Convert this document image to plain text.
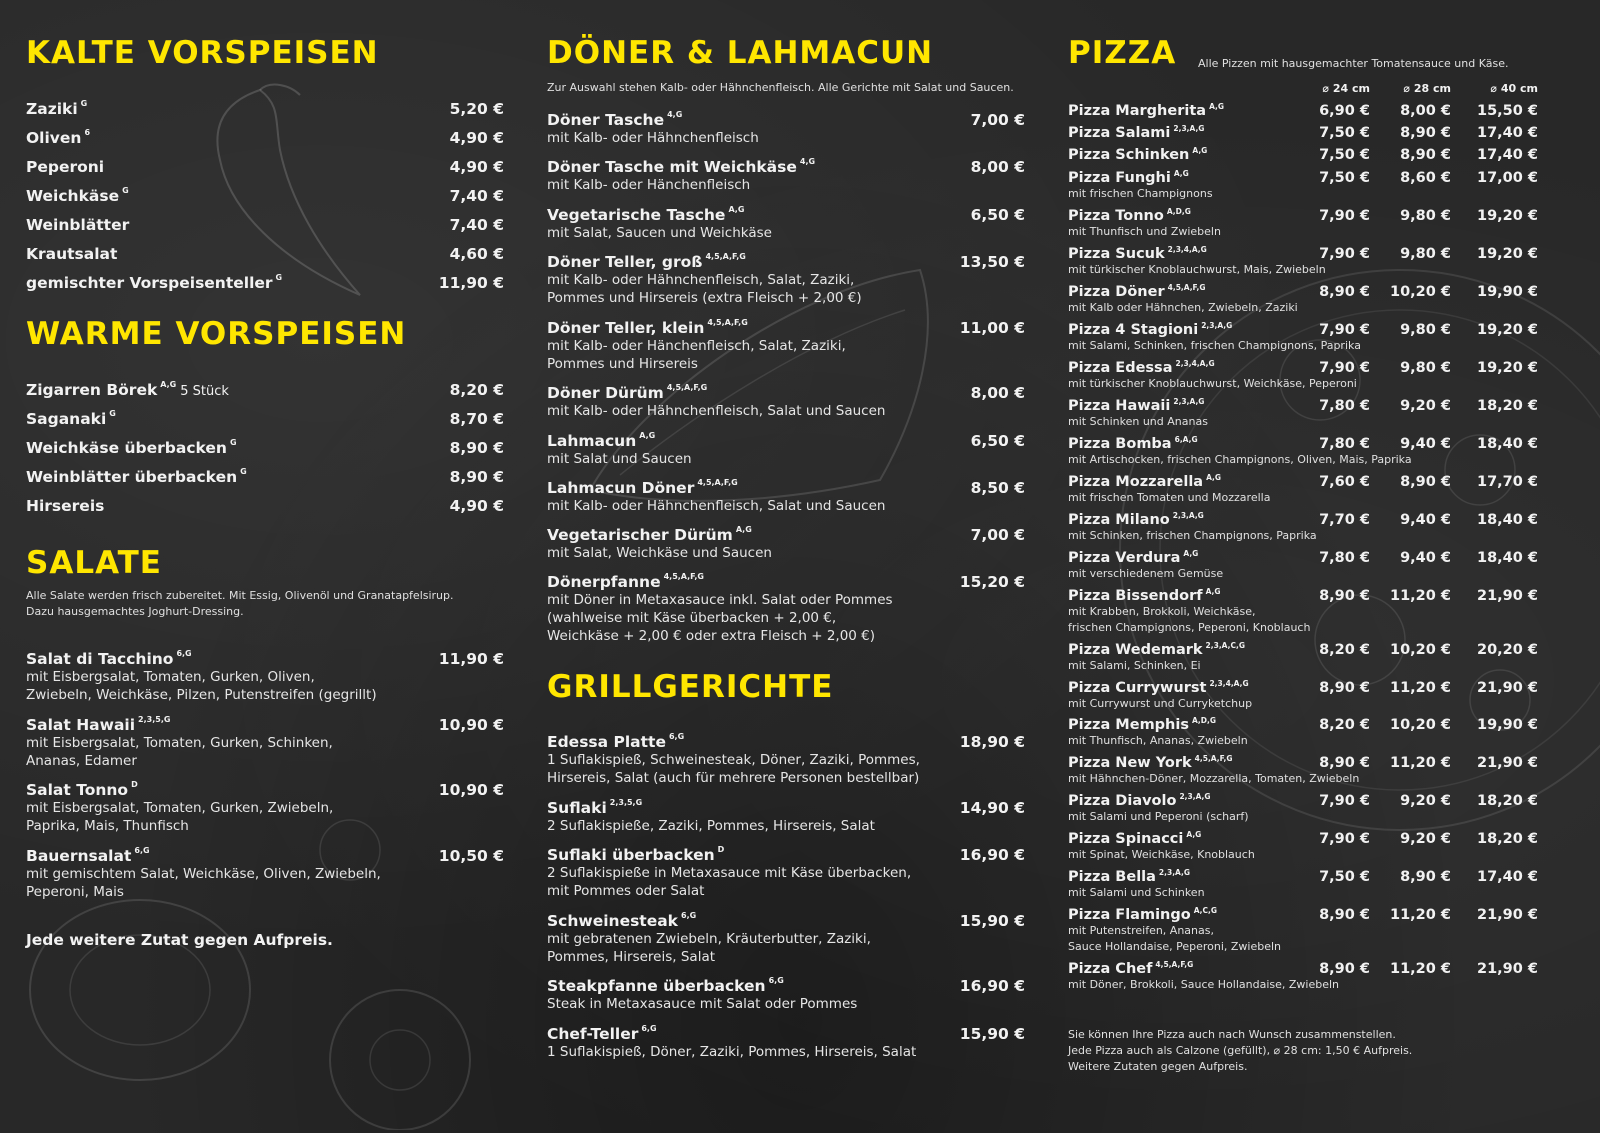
KALTE VORSPEISEN
Zaziki $^G$	5,20 €
Oliven $^6$	4,90 €
Peperoni	4,90 €
Weichkäse $^G$	7,40 €
Weinblätter	7,40 €
Krautsalat	4,60 €
gemischter Vorspeisenteller $^G$	11,90 €
WARME VORSPEISEN
Zigarren Börek $^{A,G}$ 5 Stück	8,20 €
Saganaki $^G$	8,70 €
Weichkäse überbacken $^G$	8,90 €
Weinblätter überbacken $^G$	8,90 €
Hirsereis	4,90 €
SALATE
Alle Salate werden frisch zubereitet. Mit Essig, Olivenöl und Granatapfelsirup.
Dazu hausgemachtes Joghurt-Dressing.
Salat di Tacchino $^{6,G}$	11,90 €
mit Eisbergsalat, Tomaten, Gurken, Oliven,
Zwiebeln, Weichkäse, Pilzen, Putenstreifen (gegrillt)
Salat Hawaii $^{2,3,5,G}$	10,90 €
mit Eisbergsalat, Tomaten, Gurken, Schinken,
Ananas, Edamer
Salat Tonno $^D$	10,90 €
mit Eisbergsalat, Tomaten, Gurken, Zwiebeln,
Paprika, Mais, Thunfisch
Bauernsalat $^{6,G}$	10,50 €
mit gemischtem Salat, Weichkäse, Oliven, Zwiebeln,
Peperoni, Mais
Jede weitere Zutat gegen Aufpreis.
DÖNER & LAHMACUN
Zur Auswahl stehen Kalb- oder Hähnchenfleisch. Alle Gerichte mit Salat und Saucen.
Döner Tasche $^{4,G}$	7,00 €
mit Kalb- oder Hähnchenfleisch
Döner Tasche mit Weichkäse $^{4,G}$	8,00 €
mit Kalb- oder Hänchenfleisch
Vegetarische Tasche $^{A,G}$	6,50 €
mit Salat, Saucen und Weichkäse
Döner Teller, groß $^{4,5,A,F,G}$	13,50 €
mit Kalb- oder Hähnchenfleisch, Salat, Zaziki,
Pommes und Hirsereis (extra Fleisch + 2,00 €)
Döner Teller, klein $^{4,5,A,F,G}$	11,00 €
mit Kalb- oder Hänchenfleisch, Salat, Zaziki,
Pommes und Hirsereis
Döner Dürüm $^{4,5,A,F,G}$	8,00 €
mit Kalb- oder Hähnchenfleisch, Salat und Saucen
Lahmacun $^{A,G}$	6,50 €
mit Salat und Saucen
Lahmacun Döner $^{4,5,A,F,G}$	8,50 €
mit Kalb- oder Hähnchenfleisch, Salat und Saucen
Vegetarischer Dürüm $^{A,G}$	7,00 €
mit Salat, Weichkäse und Saucen
Dönerpfanne $^{4,5,A,F,G}$	15,20 €
mit Döner in Metaxasauce inkl. Salat oder Pommes
(wahlweise mit Käse überbacken + 2,00 €,
Weichkäse + 2,00 € oder extra Fleisch + 2,00 €)
GRILLGERICHTE
Edessa Platte $^{6,G}$	18,90 €
1 Suflakispieß, Schweinesteak, Döner, Zaziki, Pommes,
Hirsereis, Salat (auch für mehrere Personen bestellbar)
Suflaki $^{2,3,5,G}$	14,90 €
2 Suflakispieße, Zaziki, Pommes, Hirsereis, Salat
Suflaki überbacken $^D$	16,90 €
2 Suflakispieße in Metaxasauce mit Käse überbacken,
mit Pommes oder Salat
Schweinesteak $^{6,G}$	15,90 €
mit gebratenen Zwiebeln, Kräuterbutter, Zaziki,
Pommes, Hirsereis, Salat
Steakpfanne überbacken $^{6,G}$	16,90 €
Steak in Metaxasauce mit Salat oder Pommes
Chef-Teller $^{6,G}$	15,90 €
1 Suflakispieß, Döner, Zaziki, Pommes, Hirsereis, Salat
PIZZA Alle Pizzen mit hausgemachter Tomatensauce und Käse.
⌀ 24 cm	⌀ 28 cm	⌀ 40 cm
Pizza Margherita $^{A,G}$	6,90 €	8,00 €	15,50 €
Pizza Salami $^{2,3,A,G}$	7,50 €	8,90 €	17,40 €
Pizza Schinken $^{A,G}$	7,50 €	8,90 €	17,40 €
Pizza Funghi $^{A,G}$	7,50 €	8,60 €	17,00 €
mit frischen Champignons
Pizza Tonno $^{A,D,G}$	7,90 €	9,80 €	19,20 €
mit Thunfisch und Zwiebeln
Pizza Sucuk $^{2,3,4,A,G}$	7,90 €	9,80 €	19,20 €
mit türkischer Knoblauchwurst, Mais, Zwiebeln
Pizza Döner $^{4,5,A,F,G}$	8,90 €	10,20 €	19,90 €
mit Kalb oder Hähnchen, Zwiebeln, Zaziki
Pizza 4 Stagioni $^{2,3,A,G}$	7,90 €	9,80 €	19,20 €
mit Salami, Schinken, frischen Champignons, Paprika
Pizza Edessa $^{2,3,4,A,G}$	7,90 €	9,80 €	19,20 €
mit türkischer Knoblauchwurst, Weichkäse, Peperoni
Pizza Hawaii $^{2,3,A,G}$	7,80 €	9,20 €	18,20 €
mit Schinken und Ananas
Pizza Bomba $^{6,A,G}$	7,80 €	9,40 €	18,40 €
mit Artischocken, frischen Champignons, Oliven, Mais, Paprika
Pizza Mozzarella $^{A,G}$	7,60 €	8,90 €	17,70 €
mit frischen Tomaten und Mozzarella
Pizza Milano $^{2,3,A,G}$	7,70 €	9,40 €	18,40 €
mit Schinken, frischen Champignons, Paprika
Pizza Verdura $^{A,G}$	7,80 €	9,40 €	18,40 €
mit verschiedenem Gemüse
Pizza Bissendorf $^{A,G}$	8,90 €	11,20 €	21,90 €
mit Krabben, Brokkoli, Weichkäse,
frischen Champignons, Peperoni, Knoblauch
Pizza Wedemark $^{2,3,A,C,G}$	8,20 €	10,20 €	20,20 €
mit Salami, Schinken, Ei
Pizza Currywurst $^{2,3,4,A,G}$	8,90 €	11,20 €	21,90 €
mit Currywurst und Curryketchup
Pizza Memphis $^{A,D,G}$	8,20 €	10,20 €	19,90 €
mit Thunfisch, Ananas, Zwiebeln
Pizza New York $^{4,5,A,F,G}$	8,90 €	11,20 €	21,90 €
mit Hähnchen-Döner, Mozzarella, Tomaten, Zwiebeln
Pizza Diavolo $^{2,3,A,G}$	7,90 €	9,20 €	18,20 €
mit Salami und Peperoni (scharf)
Pizza Spinacci $^{A,G}$	7,90 €	9,20 €	18,20 €
mit Spinat, Weichkäse, Knoblauch
Pizza Bella $^{2,3,A,G}$	7,50 €	8,90 €	17,40 €
mit Salami und Schinken
Pizza Flamingo $^{A,C,G}$	8,90 €	11,20 €	21,90 €
mit Putenstreifen, Ananas,
Sauce Hollandaise, Peperoni, Zwiebeln
Pizza Chef $^{4,5,A,F,G}$	8,90 €	11,20 €	21,90 €
mit Döner, Brokkoli, Sauce Hollandaise, Zwiebeln
Sie können Ihre Pizza auch nach Wunsch zusammenstellen.
Jede Pizza auch als Calzone (gefüllt), ⌀ 28 cm: 1,50 € Aufpreis.
Weitere Zutaten gegen Aufpreis.
